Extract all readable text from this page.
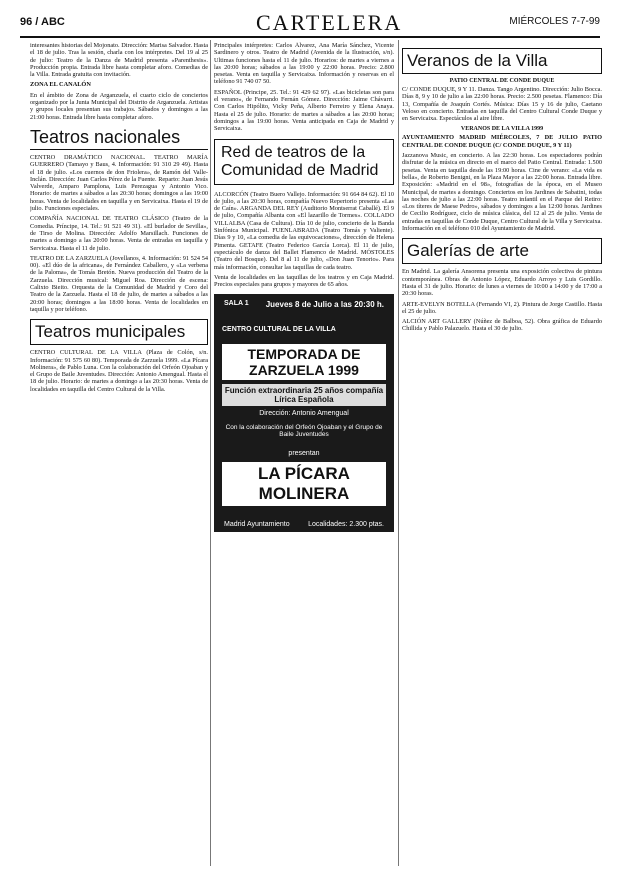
96 / ABC	CARTELERA	MIÉRCOLES 7-7-99

interesantes historias del Mojonato. Dirección: Marisa Salvador. Hasta el 18 de julio. Tras la sesión, charla con los intérpretes. Del 19 al 25 de julio: Teatro de la Danza de Madrid presenta «Parenthesis». Producción propia. Entrada libre hasta completar aforo. Comedias de la Villa. Entrada gratuita con invitación.

ZONA EL CANALÓN

En el ámbito de Zona de Arganzuela, el cuarto ciclo de conciertos organizado por la Junta Municipal del Distrito de Arganzuela. Artistas y grupos locales presentan sus trabajos. Sábados y domingos a las 21:00 horas. Entrada libre hasta completar aforo.

Teatros nacionales

CENTRO DRAMÁTICO NACIONAL. TEATRO MARÍA GUERRERO (Tamayo y Baus, 4. Información: 91 310 29 49). Hasta el 18 de julio. «Los cuernos de don Friolera», de Ramón del Valle-Inclán. Dirección: Juan Carlos Pérez de la Fuente. Reparto: Juan Jesús Valverde, Amparo Pamplona, Luis Perezagua y Antonio Vico. Horario: de martes a sábados a las 20:30 horas; domingos a las 19:00 horas. Venta de localidades en taquilla y en Servicaixa. Hasta el 19 de julio. Funciones especiales.

COMPAÑÍA NACIONAL DE TEATRO CLÁSICO (Teatro de la Comedia. Príncipe, 14. Tel.: 91 521 49 31). «El burlador de Sevilla», de Tirso de Molina. Dirección: Adolfo Marsillach. Funciones de martes a domingo a las 20:00 horas. Venta de entradas en taquilla y Servicaixa. Hasta el 11 de julio.

TEATRO DE LA ZARZUELA (Jovellanos, 4. Información: 91 524 54 00). «El dúo de la africana», de Fernández Caballero, y «La verbena de la Paloma», de Tomás Bretón. Nueva producción del Teatro de la Zarzuela. Dirección musical: Miguel Roa. Dirección de escena: Calixto Bieito. Orquesta de la Comunidad de Madrid y Coro del Teatro de la Zarzuela. Hasta el 18 de julio, de martes a sábados a las 20:00 horas; domingos a las 18:00 horas. Venta de localidades en taquilla y por teléfono.

Teatros municipales

CENTRO CULTURAL DE LA VILLA (Plaza de Colón, s/n. Información: 91 575 60 80). Temporada de Zarzuela 1999. «La Pícara Molinera», de Pablo Luna. Con la colaboración del Orfeón Ojoaban y el Grupo de Baile Juventudes. Dirección: Antonio Amengual. Hasta el 18 de julio. Horario: de martes a domingo a las 20:30 horas. Venta de localidades en taquilla del Centro Cultural de la Villa.

Principales intérpretes: Carlos Álvarez, Ana María Sánchez, Vicente Sardinero y otros. Teatro de Madrid (Avenida de la Ilustración, s/n). Ultimas funciones hasta el 11 de julio. Horarios: de martes a viernes a las 20:00 horas; sábados a las 19:00 y 22:00 horas. Precio: 2.800 pesetas. Venta en taquilla y Servicaixa. Información y reservas en el teléfono 91 740 07 50.

ESPAÑOL (Principe, 25. Tel.: 91 429 62 97). «Las bicicletas son para el verano», de Fernando Fernán Gómez. Dirección: Jaime Chávarri. Con Carlos Hipólito, Vicky Peña, Alberto Ferreiro y Elena Anaya. Hasta el 25 de julio. Horario: de martes a sábados a las 20:00 horas; domingos a las 19:00 horas. Venta anticipada en Caja de Madrid y Servicaixa.

Red de teatros de la Comunidad de Madrid

ALCORCÓN (Teatro Buero Vallejo. Información: 91 664 84 62). El 10 de julio, a las 20:30 horas, compañía Nuevo Repertorio presenta «Las de Caín». ARGANDA DEL REY (Auditorio Montserrat Caballé). El 9 de julio, Compañía Albanta con «El lazarillo de Tormes». COLLADO VILLALBA (Casa de Cultura). Día 10 de julio, concierto de la Banda Sinfónica Municipal. FUENLABRADA (Teatro Tomás y Valiente). Días 9 y 10, «La comedia de las equivocaciones», dirección de Helena Pimenta. GETAFE (Teatro Federico García Lorca). El 11 de julio, espectáculo de danza del Ballet Flamenco de Madrid. MÓSTOLES (Teatro del Bosque). Del 8 al 11 de julio, «Don Juan Tenorio». Para más información, consultar las taquillas de cada teatro.

Venta de localidades en las taquillas de los teatros y en Caja Madrid. Precios especiales para grupos y mayores de 65 años.

SALA 1 Jueves 8 de Julio a las 20:30 h.
CENTRO CULTURAL DE LA VILLA
TEMPORADA DE ZARZUELA 1999
Función extraordinaria 25 años compañía Lírica Española
Dirección: Antonio Amengual
Con la colaboración del Orfeón Ojoaban y el Grupo de Baile Juventudes
presentan
LA PÍCARA MOLINERA
Madrid Ayuntamiento	Localidades: 2.300 ptas.
Veranos de la Villa
PATIO CENTRAL DE CONDE DUQUE

C/ CONDE DUQUE, 9 Y 11. Danza. Tango Argentino. Dirección: Julio Bocca. Días 8, 9 y 10 de julio a las 22:00 horas. Precio: 2.500 pesetas. Flamenco: Día 13, Compañía de Joaquín Cortés. Música: Días 15 y 16 de julio, Caetano Veloso en concierto. Entradas en taquilla del Centro Cultural Conde Duque y en Servicaixa. Espectáculos al aire libre.

VERANOS DE LA VILLA 1999

AYUNTAMIENTO MADRID MIÉRCOLES, 7 DE JULIO PATIO CENTRAL DE CONDE DUQUE (C/ CONDE DUQUE, 9 Y 11)

Jazzanova Music, en concierto. A las 22:30 horas. Los espectadores podrán disfrutar de la música en directo en el marco del Patio Central. Entrada: 1.500 pesetas. Venta en taquilla desde las 19:00 horas. Cine de verano: «La vida es bella», de Roberto Benigni, en la Plaza Mayor a las 22:00 horas. Entrada libre. Exposición: «Madrid en el 98», fotografías de la época, en el Museo Municipal, de martes a domingo. Conciertos en los Jardines de Sabatini, todas las noches de julio a las 22:00 horas. Teatro infantil en el Parque del Retiro: «Los títeres de Maese Pedro», sábados y domingos a las 12:00 horas. Jardines de Cecilio Rodríguez, ciclo de música clásica, del 12 al 25 de julio. Venta de entradas en taquillas de Conde Duque, Centro Cultural de la Villa y Servicaixa. Información en el teléfono 010 del Ayuntamiento de Madrid.

Galerías de arte

En Madrid. La galería Ansorena presenta una exposición colectiva de pintura contemporánea. Obras de Antonio López, Eduardo Arroyo y Luis Gordillo. Hasta el 31 de julio. Horario: de lunes a viernes de 10:00 a 14:00 y de 17:00 a 20:30 horas.

ARTE-EVELYN BOTELLA (Fernando VI, 2). Pintura de Jorge Castillo. Hasta el 25 de julio.

ALCIÓN ART GALLERY (Núñez de Balboa, 52). Obra gráfica de Eduardo Chillida y Pablo Palazuelo. Hasta el 30 de julio.
